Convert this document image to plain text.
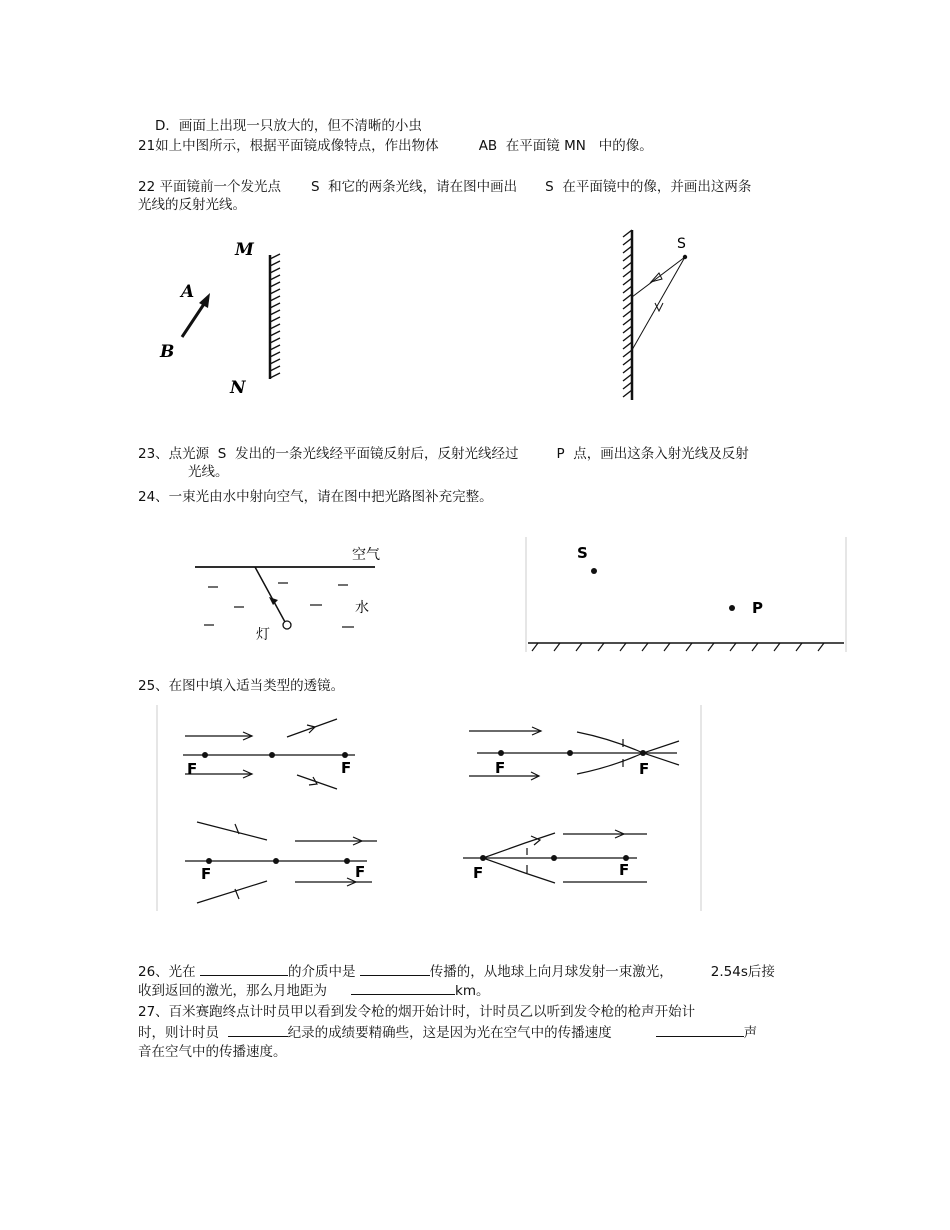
D．画面上出现一只放大的，但不清晰的小虫
21如上中图所示，根据平面镜成像特点，作出物体	AB 在平面镜 MN 中的像。
22 平面镜前一个发光点 S 和它的两条光线，请在图中画出 S 在平面镜中的像，并画出这两条
光线的反射光线。
23、点光源 S 发出的一条光线经平面镜反射后，反射光线经过	P 点，画出这条入射光线及反射
光线。
24、一束光由水中射向空气，请在图中把光路图补充完整。
25、在图中填入适当类型的透镜。
26、光在	的介质中是	传播的，从地球上向月球发射一束激光，	2.54s后接
收到返回的激光，那么月地距为	km。
27、百米赛跑终点计时员甲以看到发令枪的烟开始计时，计时员乙以听到发令枪的枪声开始计
时，则计时员	纪录的成绩要精确些，这是因为光在空气中的传播速度	声
音在空气中的传播速度。
M
N
A
B
S
空气
水
灯
S
P
F	F	F	F
F	F	F	F
